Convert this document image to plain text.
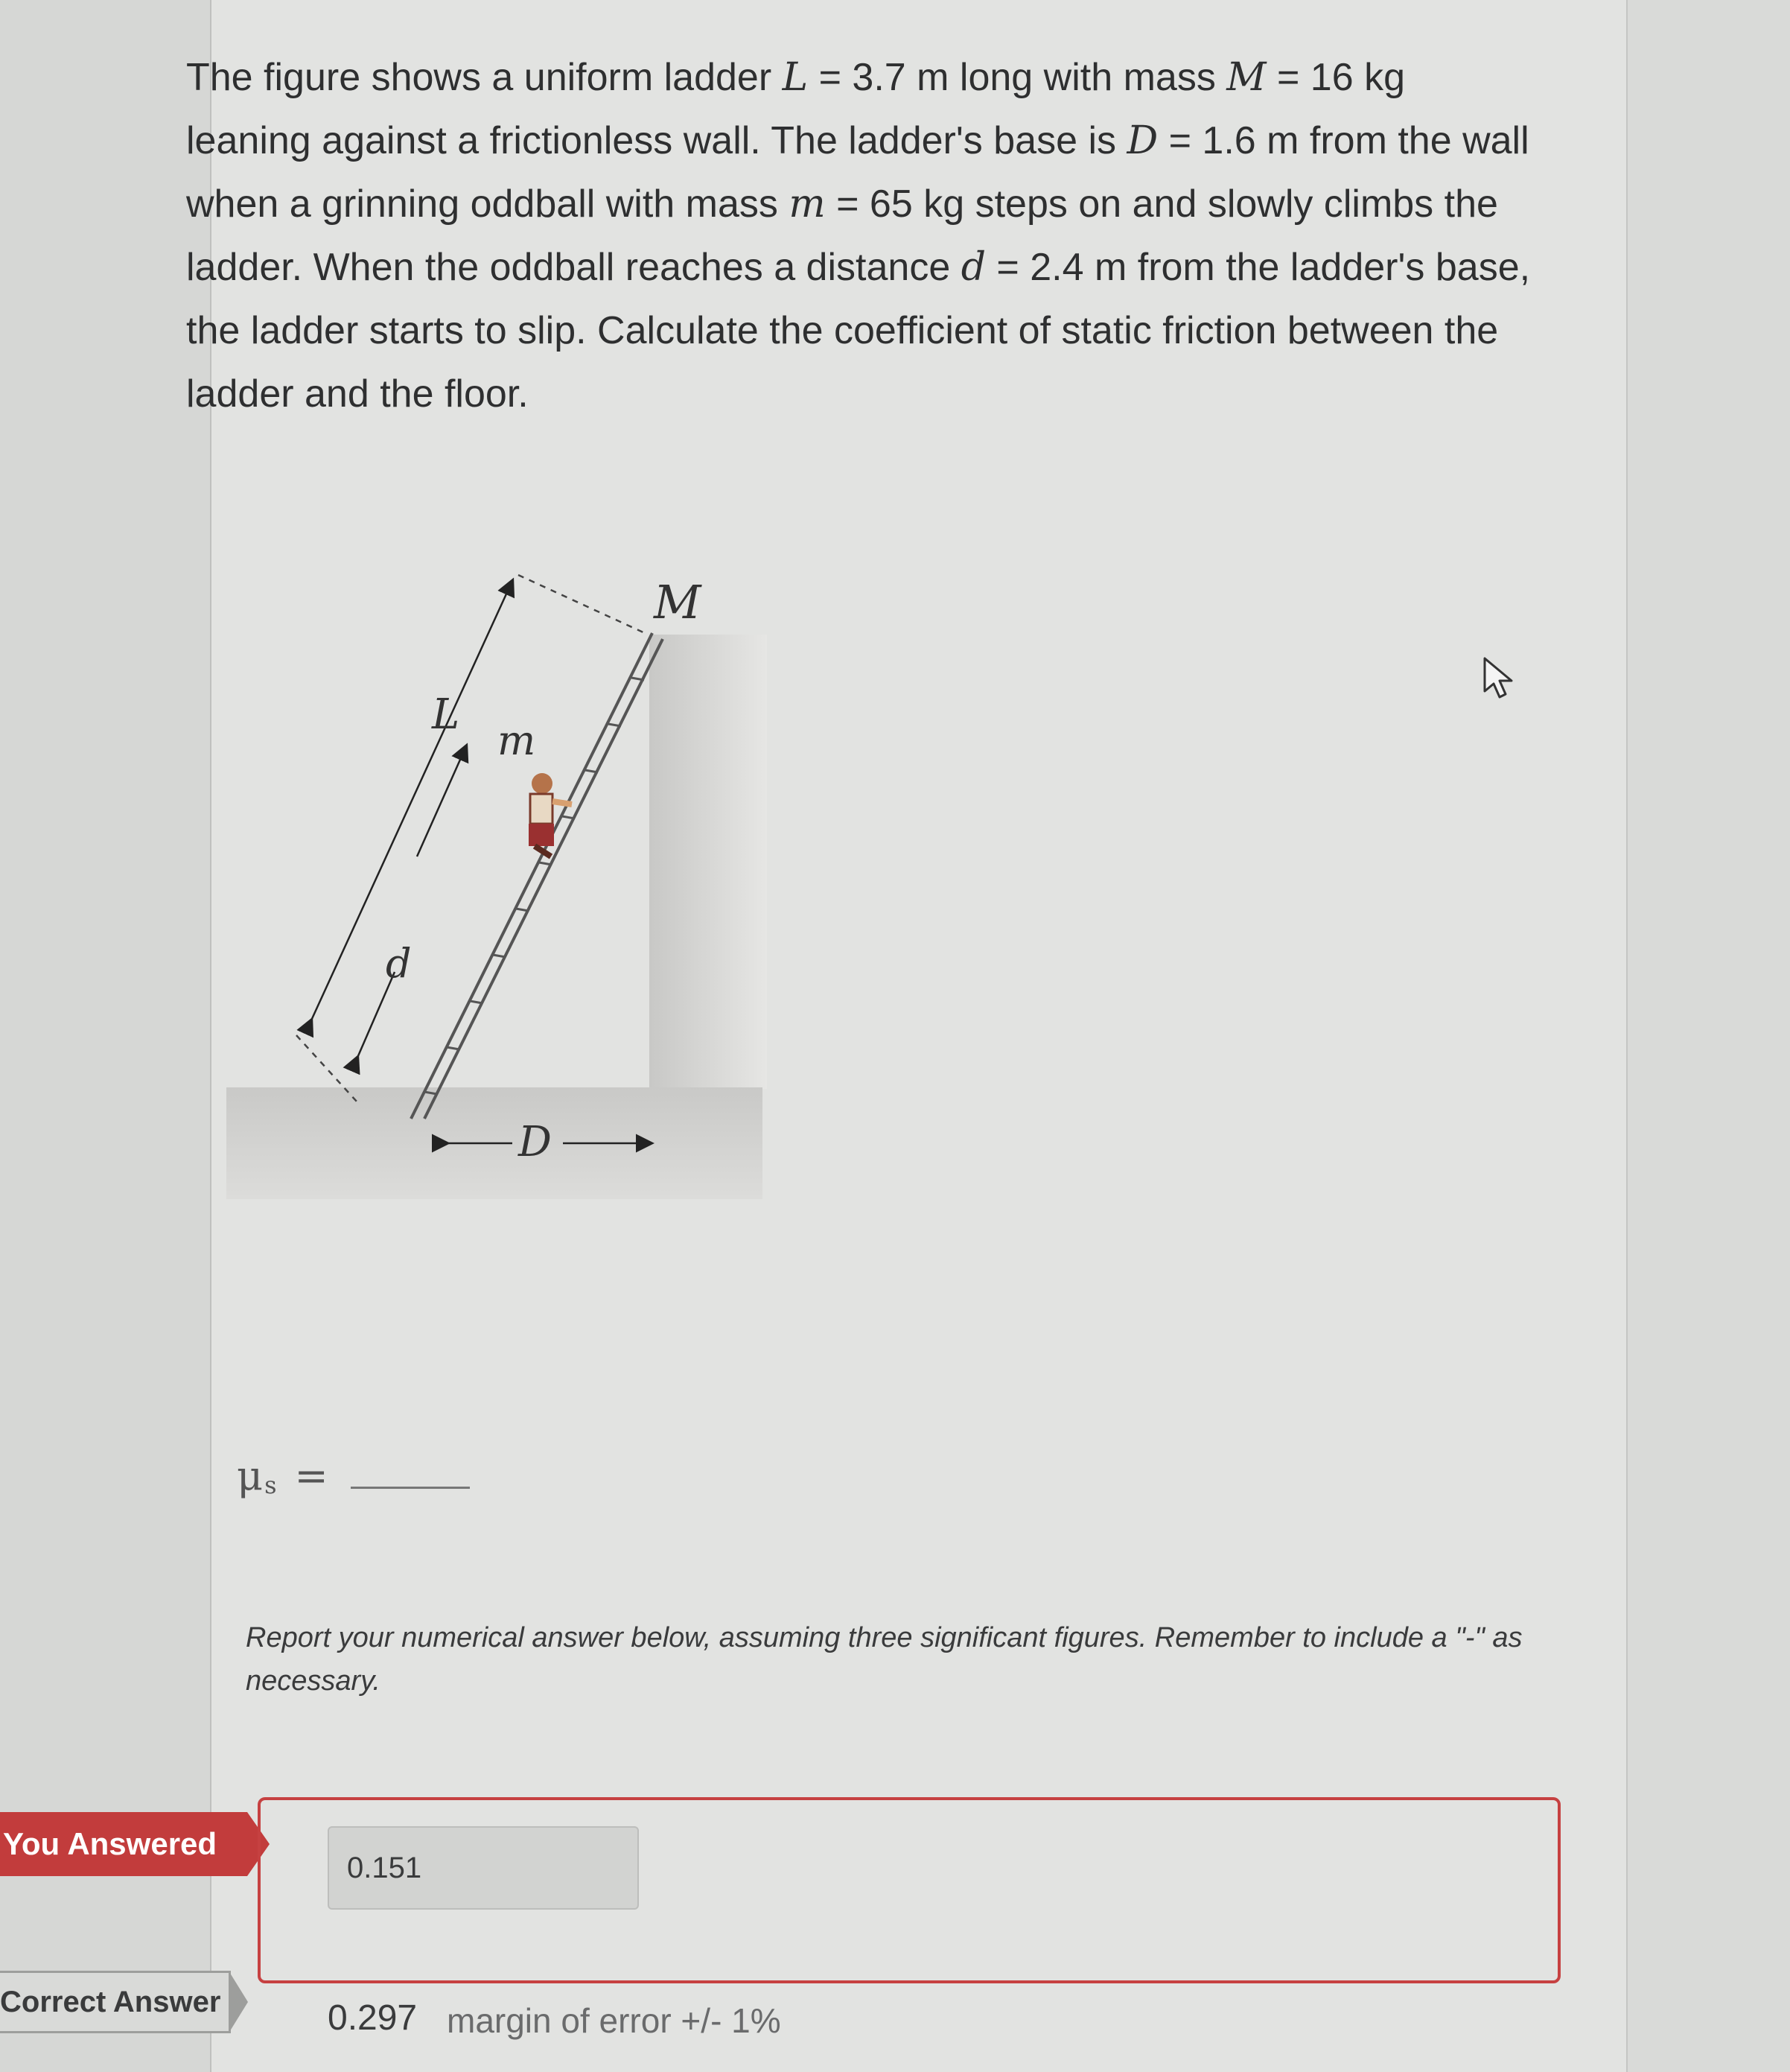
The figure shows a uniform ladder L = 3.7 m long with mass M = 16 kg
leaning against a frictionless wall. The ladder's base is D = 1.6 m from the wall
when a grinning oddball with mass m = 65 kg steps on and slowly climbs the
ladder. When the oddball reaches a distance d = 2.4 m from the ladder's base,
the ladder starts to slip. Calculate the coefficient of static friction between the
ladder and the floor.
M
L
m
d
D
μ s =
Report your numerical answer below, assuming three significant figures. Remember to include a "-" as necessary.
You Answered
0.151
Correct Answer	0.297 margin of error +/- 1%
